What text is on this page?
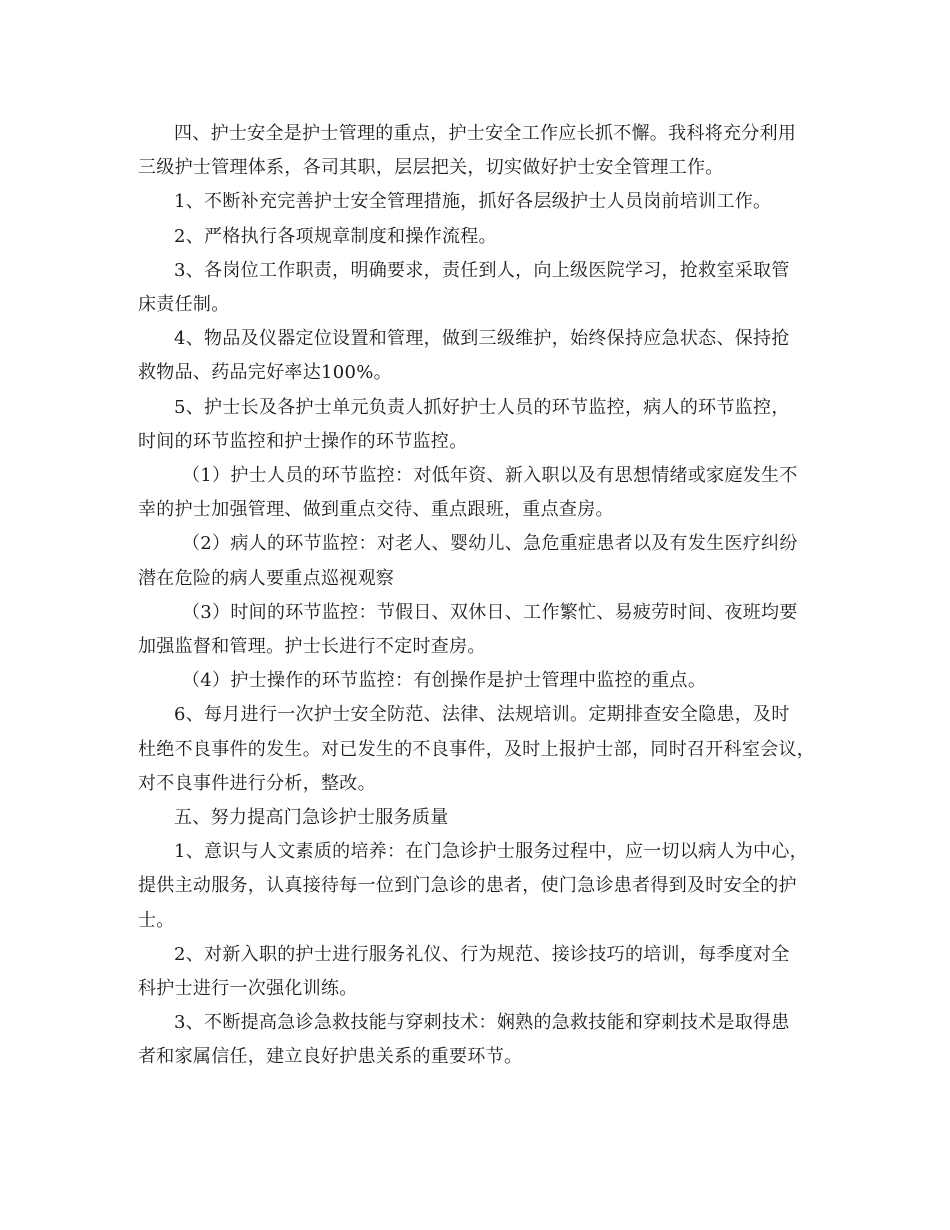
四、护士安全是护士管理的重点，护士安全工作应长抓不懈。我科将充分利用
三级护士管理体系，各司其职，层层把关，切实做好护士安全管理工作。

1、不断补充完善护士安全管理措施，抓好各层级护士人员岗前培训工作。

2、严格执行各项规章制度和操作流程。

3、各岗位工作职责，明确要求，责任到人，向上级医院学习，抢救室采取管
床责任制。

4、物品及仪器定位设置和管理，做到三级维护，始终保持应急状态、保持抢
救物品、药品完好率达100%。

5、护士长及各护士单元负责人抓好护士人员的环节监控，病人的环节监控，
时间的环节监控和护士操作的环节监控。

（1）护士人员的环节监控：对低年资、新入职以及有思想情绪或家庭发生不
幸的护士加强管理、做到重点交待、重点跟班，重点查房。

（2）病人的环节监控：对老人、婴幼儿、急危重症患者以及有发生医疗纠纷
潜在危险的病人要重点巡视观察

（3）时间的环节监控：节假日、双休日、工作繁忙、易疲劳时间、夜班均要
加强监督和管理。护士长进行不定时查房。

（4）护士操作的环节监控：有创操作是护士管理中监控的重点。

6、每月进行一次护士安全防范、法律、法规培训。定期排查安全隐患，及时
杜绝不良事件的发生。对已发生的不良事件，及时上报护士部，同时召开科室会议，
对不良事件进行分析，整改。

五、努力提高门急诊护士服务质量

1、意识与人文素质的培养：在门急诊护士服务过程中，应一切以病人为中心，
提供主动服务，认真接待每一位到门急诊的患者，使门急诊患者得到及时安全的护
士。

2、对新入职的护士进行服务礼仪、行为规范、接诊技巧的培训，每季度对全
科护士进行一次强化训练。

3、不断提高急诊急救技能与穿刺技术：娴熟的急救技能和穿刺技术是取得患
者和家属信任，建立良好护患关系的重要环节。
